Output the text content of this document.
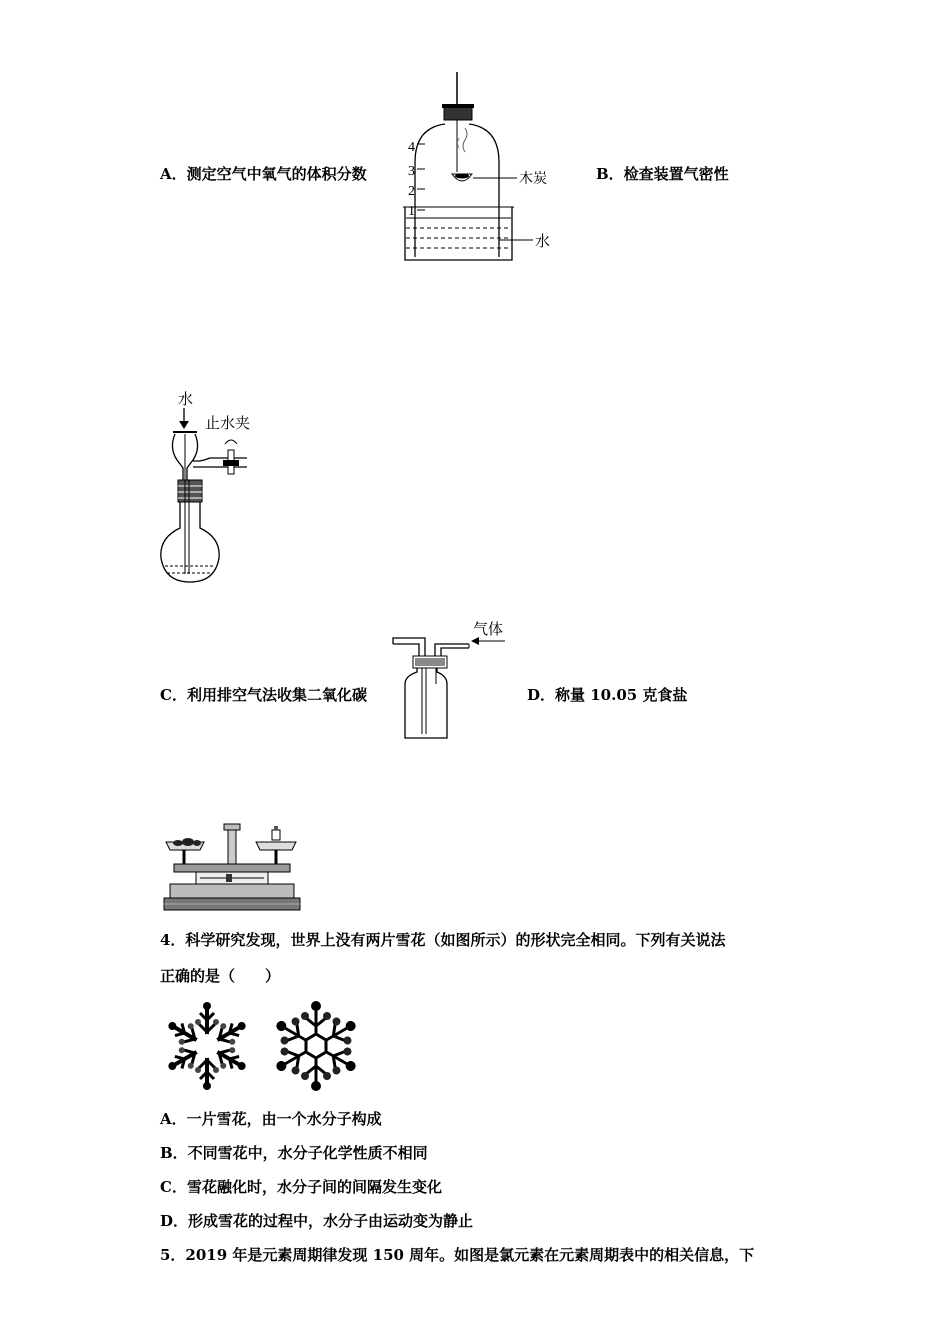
A．测定空气中氧气的体积分数	B．检查装置气密性
4
3
2
1
木炭
水
水
止水夹
C．利用排空气法收集二氧化碳	D．称量 10.05 克食盐
气体
4．科学研究发现，世界上没有两片雪花（如图所示）的形状完全相同。下列有关说法
正确的是（　　）
A．一片雪花，由一个水分子构成
B．不同雪花中，水分子化学性质不相同
C．雪花融化时，水分子间的间隔发生变化
D．形成雪花的过程中，水分子由运动变为静止
5．2019 年是元素周期律发现 150 周年。如图是氯元素在元素周期表中的相关信息，下
